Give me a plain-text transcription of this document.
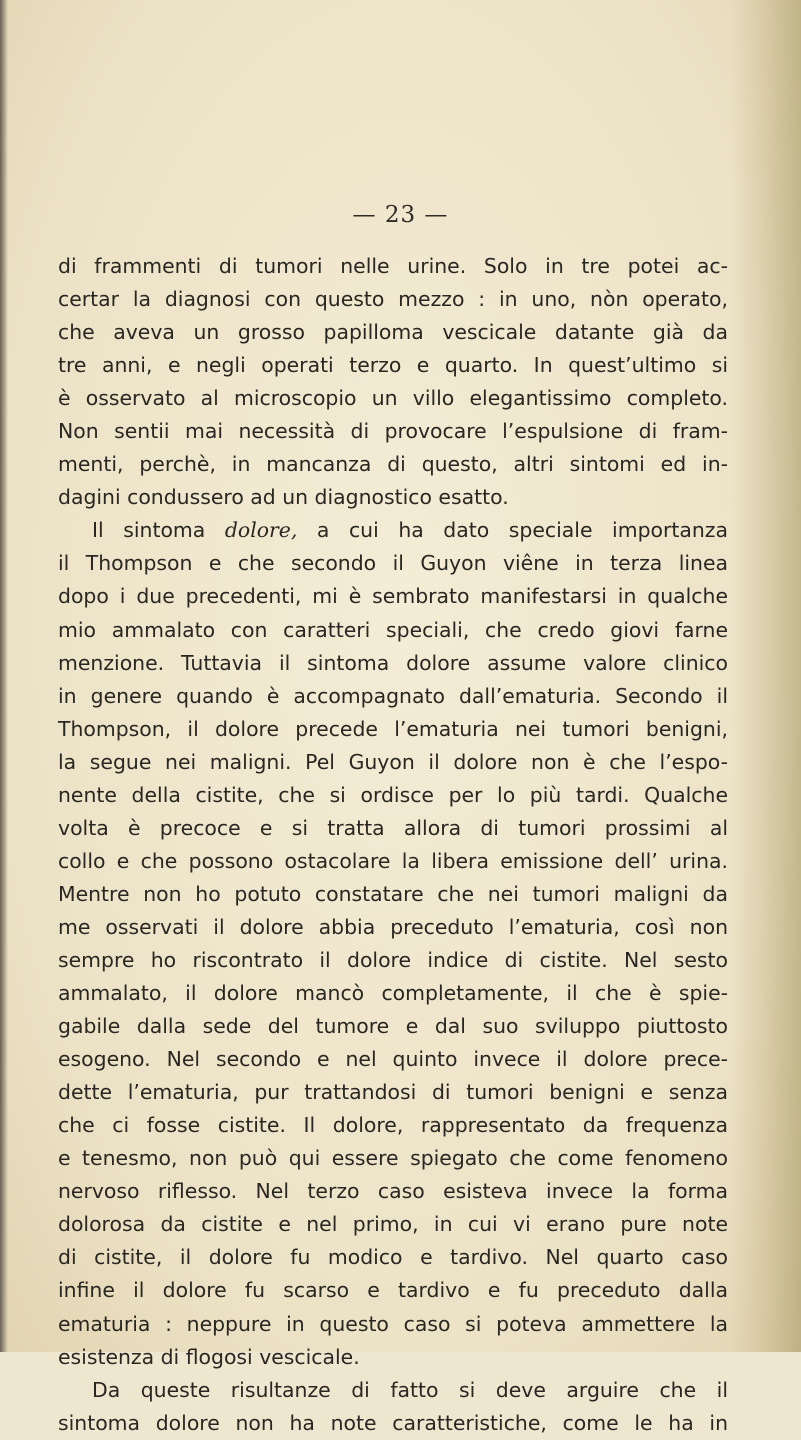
— 23 —
di frammenti di tumori nelle urine. Solo in tre potei ac-
certar la diagnosi con questo mezzo : in uno, nòn operato,
che aveva un grosso papilloma vescicale datante già da
tre anni, e negli operati terzo e quarto. In quest’ultimo si
è osservato al microscopio un villo elegantissimo completo.
Non sentii mai necessità di provocare l’espulsione di fram-
menti, perchè, in mancanza di questo, altri sintomi ed in-
dagini condussero ad un diagnostico esatto.
Il sintoma dolore, a cui ha dato speciale importanza
il Thompson e che secondo il Guyon viêne in terza linea
dopo i due precedenti, mi è sembrato manifestarsi in qualche
mio ammalato con caratteri speciali, che credo giovi farne
menzione. Tuttavia il sintoma dolore assume valore clinico
in genere quando è accompagnato dall’ematuria. Secondo il
Thompson, il dolore precede l’ematuria nei tumori benigni,
la segue nei maligni. Pel Guyon il dolore non è che l’espo-
nente della cistite, che si ordisce per lo più tardi. Qualche
volta è precoce e si tratta allora di tumori prossimi al
collo e che possono ostacolare la libera emissione dell’ urina.
Mentre non ho potuto constatare che nei tumori maligni da
me osservati il dolore abbia preceduto l’ematuria, così non
sempre ho riscontrato il dolore indice di cistite. Nel sesto
ammalato, il dolore mancò completamente, il che è spie-
gabile dalla sede del tumore e dal suo sviluppo piuttosto
esogeno. Nel secondo e nel quinto invece il dolore prece-
dette l’ematuria, pur trattandosi di tumori benigni e senza
che ci fosse cistite. Il dolore, rappresentato da frequenza
e tenesmo, non può qui essere spiegato che come fenomeno
nervoso riflesso. Nel terzo caso esisteva invece la forma
dolorosa da cistite e nel primo, in cui vi erano pure note
di cistite, il dolore fu modico e tardivo. Nel quarto caso
infine il dolore fu scarso e tardivo e fu preceduto dalla
ematuria : neppure in questo caso si poteva ammettere la
esistenza di flogosi vescicale.
Da queste risultanze di fatto si deve arguire che il
sintoma dolore non ha note caratteristiche, come le ha in
